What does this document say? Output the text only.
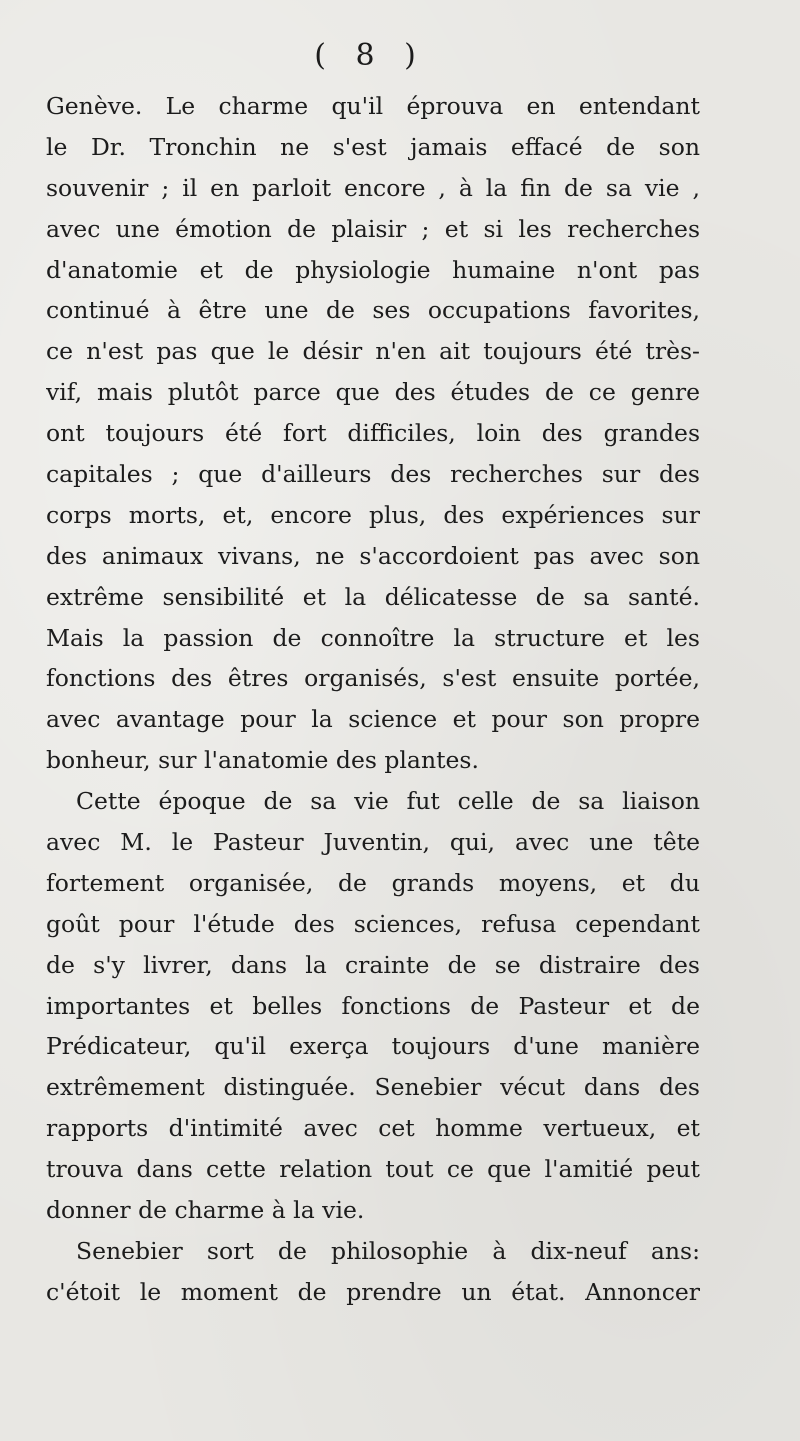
( 8 )
Genève. Le charme qu'il éprouva en entendant
le Dr. Tronchin ne s'est jamais effacé de son
souvenir ; il en parloit encore , à la fin de sa vie ,
avec une émotion de plaisir ; et si les recherches
d'anatomie et de physiologie humaine n'ont pas
continué à être une de ses occupations favorites,
ce n'est pas que le désir n'en ait toujours été très-
vif, mais plutôt parce que des études de ce genre
ont toujours été fort difficiles, loin des grandes
capitales ; que d'ailleurs des recherches sur des
corps morts, et, encore plus, des expériences sur
des animaux vivans, ne s'accordoient pas avec son
extrême sensibilité et la délicatesse de sa santé.
Mais la passion de connoître la structure et les
fonctions des êtres organisés, s'est ensuite portée,
avec avantage pour la science et pour son propre
bonheur, sur l'anatomie des plantes.
Cette époque de sa vie fut celle de sa liaison
avec M. le Pasteur Juventin, qui, avec une tête
fortement organisée, de grands moyens, et du
goût pour l'étude des sciences, refusa cependant
de s'y livrer, dans la crainte de se distraire des
importantes et belles fonctions de Pasteur et de
Prédicateur, qu'il exerça toujours d'une manière
extrêmement distinguée. Senebier vécut dans des
rapports d'intimité avec cet homme vertueux, et
trouva dans cette relation tout ce que l'amitié peut
donner de charme à la vie.
Senebier sort de philosophie à dix-neuf ans:
c'étoit le moment de prendre un état. Annoncer
